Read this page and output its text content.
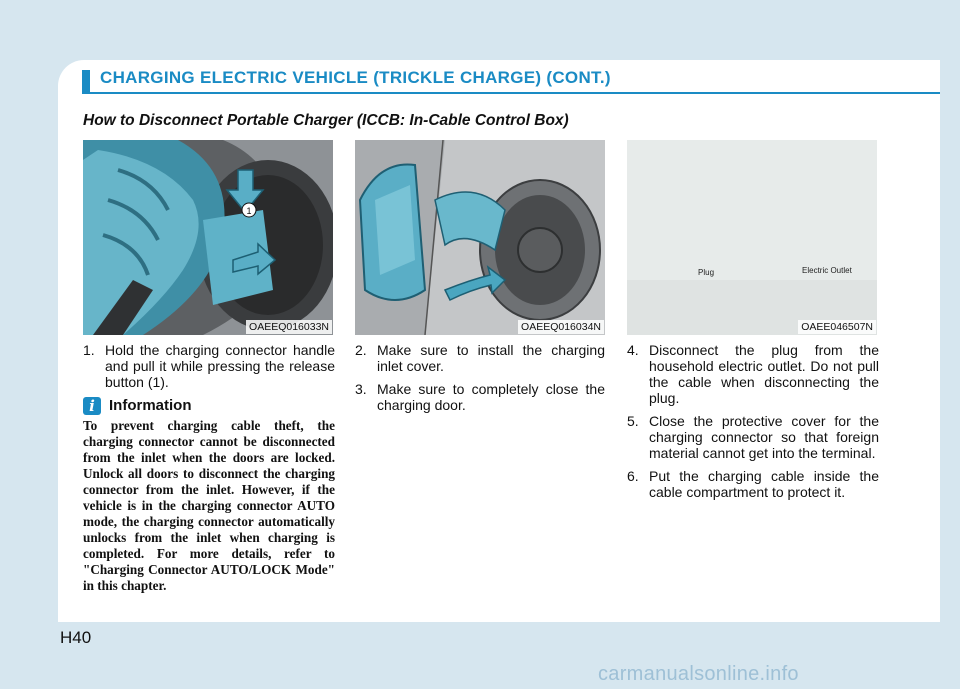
CHARGING ELECTRIC VEHICLE (TRICKLE CHARGE) (CONT.)
How to Disconnect Portable Charger (ICCB: In-Cable Control Box)
1
OAEEQ016033N	OAEEQ016034N
Plug	Electric Outlet
OAEE046507N
1. Hold the charging connector handle and pull it while pressing the release button (1).
i Information
To prevent charging cable theft, the charging connector cannot be disconnected from the inlet when the doors are locked. Unlock all doors to disconnect the charging connector from the inlet. However, if the vehicle is in the charging connector AUTO mode, the charging connector automatically unlocks from the inlet when charging is completed. For more details, refer to "Charging Connector AUTO/LOCK Mode" in this chapter.
2. Make sure to install the charging inlet cover.
3. Make sure to completely close the charging door.
4. Disconnect the plug from the household electric outlet. Do not pull the cable when disconnecting the plug.
5. Close the protective cover for the charging connector so that foreign material cannot get into the terminal.
6. Put the charging cable inside the cable compartment to protect it.
H40
carmanualsonline.info
